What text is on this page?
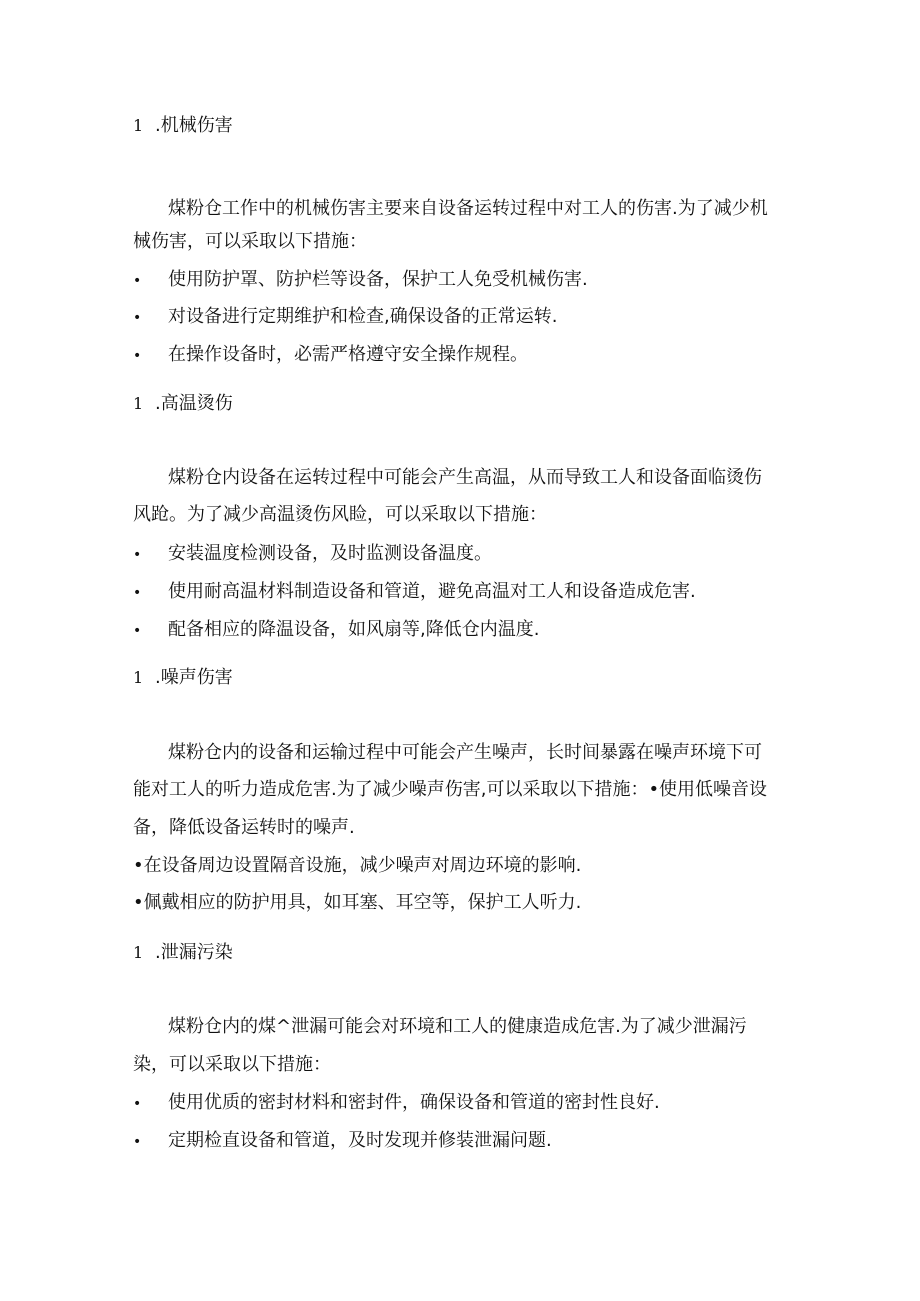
1 .机械伤害
煤粉仓工作中的机械伤害主要来自设备运转过程中对工人的伤害.为了减少机
械伤害，可以采取以下措施：
• 使用防护罩、防护栏等设备，保护工人免受机械伤害.
• 对设备进行定期维护和检查,确保设备的正常运转.
• 在操作设备时，必需严格遵守安全操作规程。
1 .高温烫伤
煤粉仓内设备在运转过程中可能会产生高温，从而导致工人和设备面临烫伤
风跄。为了减少高温烫伤风睑，可以采取以下措施：
• 安装温度检测设备，及时监测设备温度。
• 使用耐高温材料制造设备和管道，避免高温对工人和设备造成危害.
• 配备相应的降温设备，如风扇等,降低仓内温度.
1 .噪声伤害
煤粉仓内的设备和运输过程中可能会产生噪声，长时间暴露在噪声环境下可
能对工人的听力造成危害.为了减少噪声伤害,可以采取以下措施：•使用低噪音设
备，降低设备运转时的噪声.
•在设备周边设置隔音设施，减少噪声对周边环境的影响.
•佩戴相应的防护用具，如耳塞、耳空等，保护工人听力.
1 .泄漏污染
煤粉仓内的煤^泄漏可能会对环境和工人的健康造成危害.为了减少泄漏污
染，可以采取以下措施：
• 使用优质的密封材料和密封件，确保设备和管道的密封性良好.
• 定期检直设备和管道，及时发现并修装泄漏问题.
